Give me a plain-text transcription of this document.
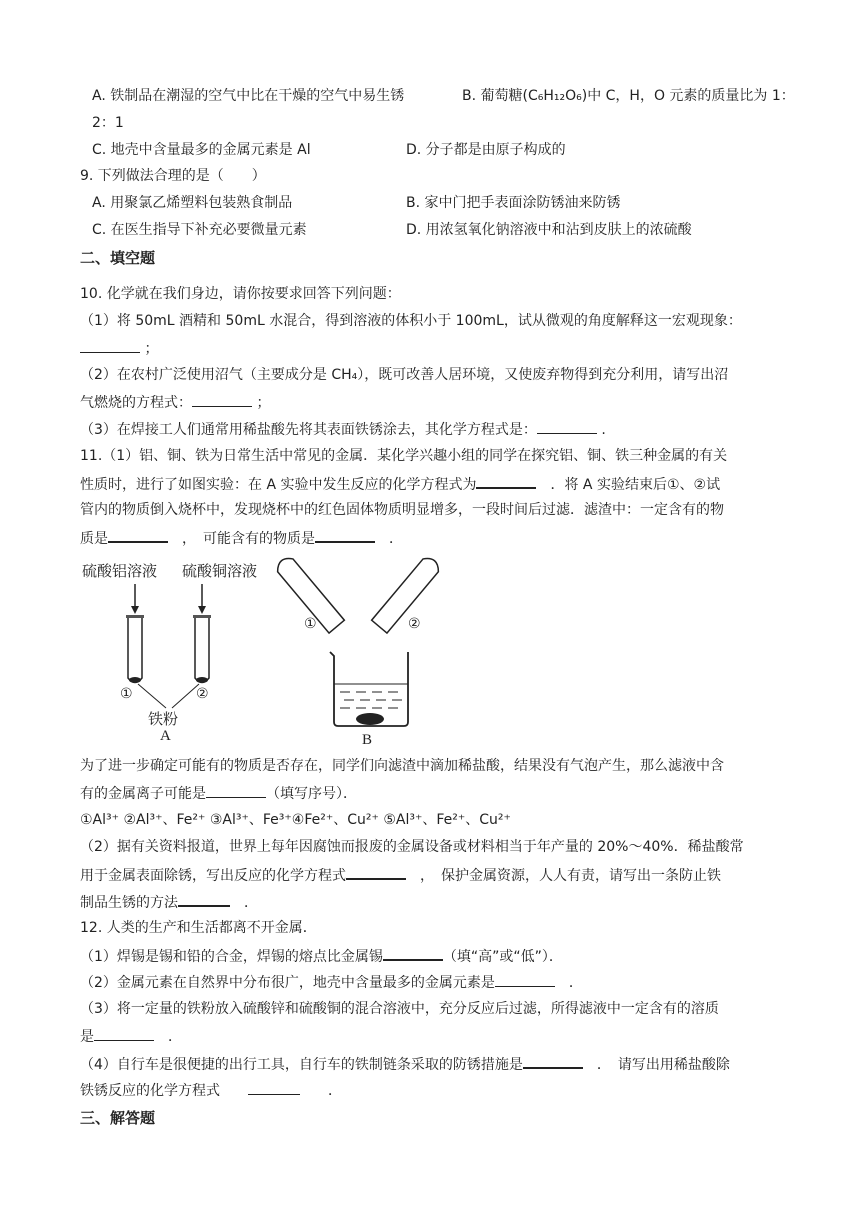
A. 铁制品在潮湿的空气中比在干燥的空气中易生锈	B. 葡萄糖(C₆H₁₂O₆)中 C，H，O 元素的质量比为 1：
2：1
C. 地壳中含量最多的金属元素是 Al	D. 分子都是由原子构成的
9. 下列做法合理的是（　　）
A. 用聚氯乙烯塑料包装熟食制品	B. 家中门把手表面涂防锈油来防锈
C. 在医生指导下补充必要微量元素	D. 用浓氢氧化钠溶液中和沾到皮肤上的浓硫酸
二、填空题
10. 化学就在我们身边，请你按要求回答下列问题：
（1）将 50mL 酒精和 50mL 水混合，得到溶液的体积小于 100mL，试从微观的角度解释这一宏观现象：
；
（2）在农村广泛使用沼气（主要成分是 CH₄），既可改善人居环境，又使废弃物得到充分利用，请写出沼
气燃烧的方程式：	；
（3）在焊接工人们通常用稀盐酸先将其表面铁锈涂去，其化学方程式是：	.
11.（1）铝、铜、铁为日常生活中常见的金属．某化学兴趣小组的同学在探究铝、铜、铁三种金属的有关
性质时，进行了如图实验：在 A 实验中发生反应的化学方程式为　	．将 A 实验结束后①、②试
管内的物质倒入烧杯中，发现烧杯中的红色固体物质明显增多，一段时间后过滤．滤渣中：一定含有的物
质是　	，　可能含有的物质是　	．
硫酸铝溶液 硫酸铜溶液
①	②
铁粉
A
①	②
B
为了进一步确定可能有的物质是否存在，同学们向滤渣中滴加稀盐酸，结果没有气泡产生，那么滤液中含
有的金属离子可能是	（填写序号）．
①Al³⁺ ②Al³⁺、Fe²⁺ ③Al³⁺、Fe³⁺④Fe²⁺、Cu²⁺ ⑤Al³⁺、Fe²⁺、Cu²⁺
（2）据有关资料报道，世界上每年因腐蚀而报废的金属设备或材料相当于年产量的 20%～40%．稀盐酸常
用于金属表面除锈，写出反应的化学方程式　	，　保护金属资源，人人有责，请写出一条防止铁
制品生锈的方法　	．
12. 人类的生产和生活都离不开金属．
（1）焊锡是锡和铅的合金，焊锡的熔点比金属锡	（填“高”或“低”）．
（2）金属元素在自然界中分布很广，地壳中含量最多的金属元素是　	．
（3）将一定量的铁粉放入硫酸锌和硫酸铜的混合溶液中，充分反应后过滤，所得滤液中一定含有的溶质
是　	．
（4）自行车是很便捷的出行工具，自行车的铁制链条采取的防锈措施是　	．　请写出用稀盐酸除
铁锈反应的化学方程式　　　　	．
三、解答题
